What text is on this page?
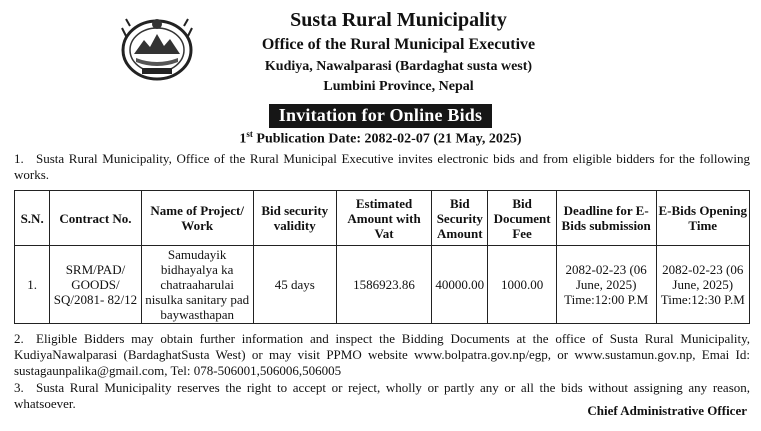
Susta Rural Municipality
Office of the Rural Municipal Executive
Kudiya, Nawalparasi (Bardaghat susta west)
Lumbini Province, Nepal
Invitation for Online Bids
1st Publication Date: 2082-02-07 (21 May, 2025)
1. Susta Rural Municipality, Office of the Rural Municipal Executive invites electronic bids and from eligible bidders for the following works.
S.N.	Contract No.	Name of Project/ Work	Bid security validity	Estimated Amount with Vat	Bid Security Amount	Bid Document Fee	Deadline for E-Bids submission	E-Bids Opening Time
1.	SRM/PAD/ GOODS/ SQ/2081- 82/12	Samudayik bidhayalya ka chatraaharulai nisulka sanitary pad baywasthapan	45 days	1586923.86	40000.00	1000.00	2082-02-23 (06 June, 2025) Time:12:00 P.M	2082-02-23 (06 June, 2025) Time:12:30 P.M
2. Eligible Bidders may obtain further information and inspect the Bidding Documents at the office of Susta Rural Municipality, KudiyaNawalparasi (BardaghatSusta West) or may visit PPMO website www.bolpatra.gov.np/egp, or www.sustamun.gov.np, Emai Id: sustagaunpalika@gmail.com, Tel: 078-506001,506006,506005
3. Susta Rural Municipality reserves the right to accept or reject, wholly or partly any or all the bids without assigning any reason, whatsoever.	Chief Administrative Officer
